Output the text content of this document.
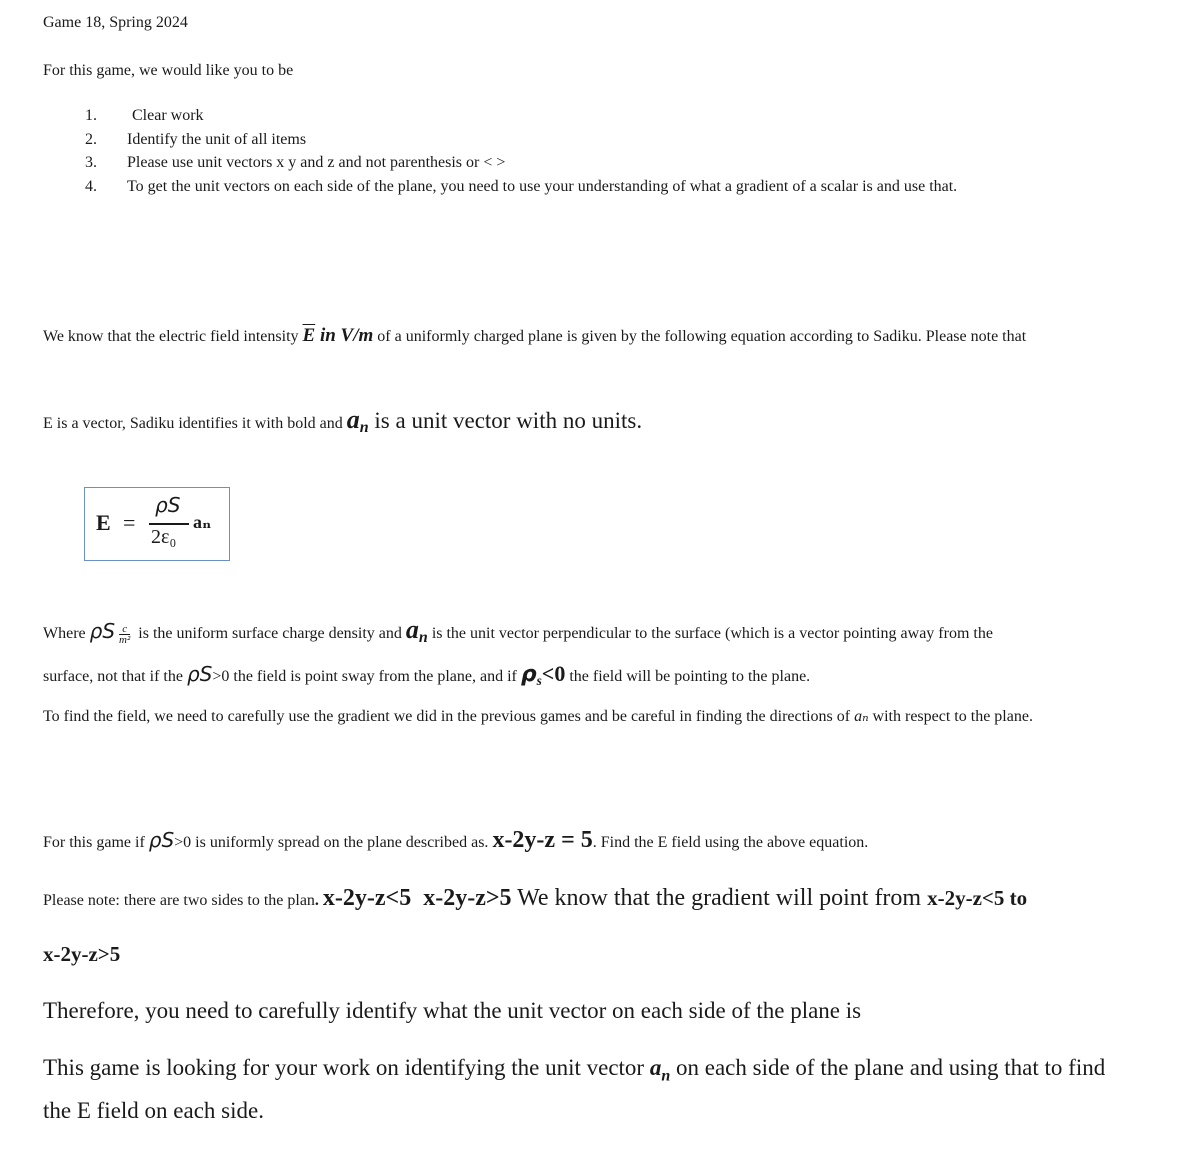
Game 18, Spring 2024
For this game, we would like you to be
1. Clear work
2. Identify the unit of all items
3. Please use unit vectors x y and z and not parenthesis or < >
4. To get the unit vectors on each side of the plane, you need to use your understanding of what a gradient of a scalar is and use that.
We know that the electric field intensity $\overline{E}$ in V/m of a uniformly charged plane is given by the following equation according to Sadiku. Please note that
E is a vector, Sadiku identifies it with bold and $a_n$ is a unit vector with no units.
E =
ρS
2ε₀
aₙ
Where ρS $\frac{c}{\text{m²}}$ is the uniform surface charge density and $a_n$ is the unit vector perpendicular to the surface (which is a vector pointing away from the
surface, not that if the ρS>0 the field is point sway from the plane, and if $\rho_s<0$ the field will be pointing to the plane.
To find the field, we need to carefully use the gradient we did in the previous games and be careful in finding the directions of aₙ with respect to the plane.
For this game if ρS>0 is uniformly spread on the plane described as. x-2y-z = 5. Find the E field using the above equation.
Please note: there are two sides to the plan. x-2y-z<5 x-2y-z>5 We know that the gradient will point from x-2y-z<5 to
x-2y-z>5
Therefore, you need to carefully identify what the unit vector on each side of the plane is
This game is looking for your work on identifying the unit vector $a_n$ on each side of the plane and using that to find the E field on each side.
